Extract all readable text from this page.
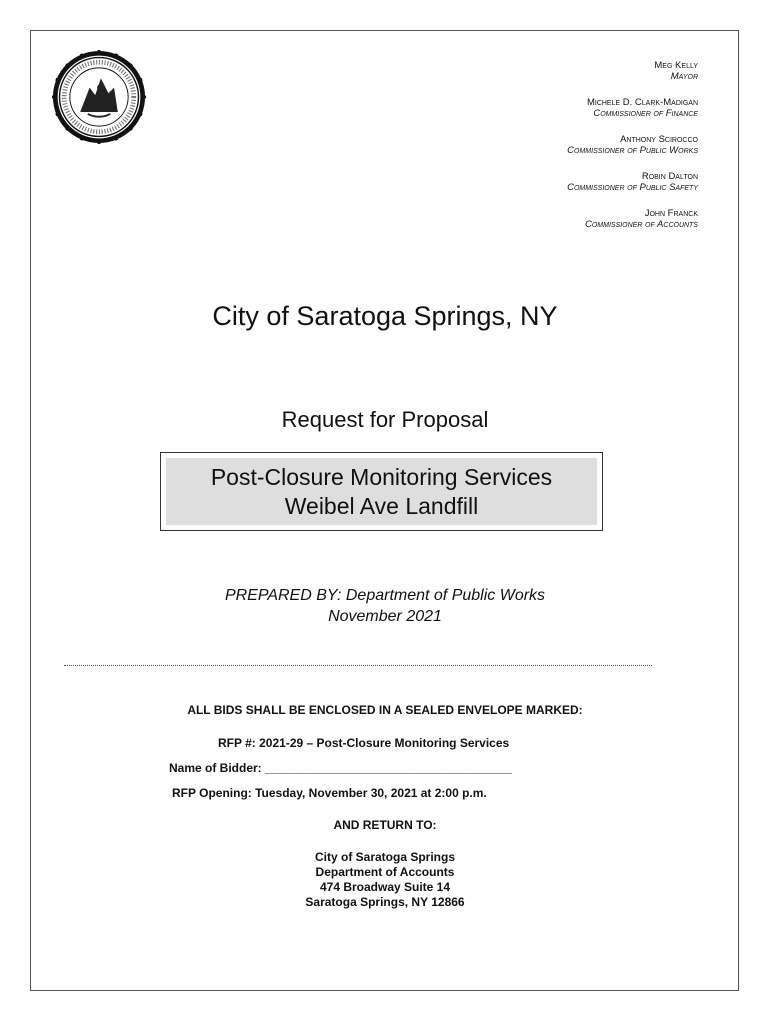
Meg Kelly
Mayor
Michele D. Clark-Madigan
Commissioner of Finance
Anthony Scirocco
Commissioner of Public Works
Robin Dalton
Commissioner of Public Safety
John Franck
Commissioner of Accounts
City of Saratoga Springs, NY
Request for Proposal
Post-Closure Monitoring Services
Weibel Ave Landfill
PREPARED BY: Department of Public Works
November 2021
ALL BIDS SHALL BE ENCLOSED IN A SEALED ENVELOPE MARKED:
RFP #: 2021-29 – Post-Closure Monitoring Services
Name of Bidder: _____________________________________
RFP Opening: Tuesday, November 30, 2021 at 2:00 p.m.
AND RETURN TO:
City of Saratoga Springs
Department of Accounts
474 Broadway Suite 14
Saratoga Springs, NY 12866
